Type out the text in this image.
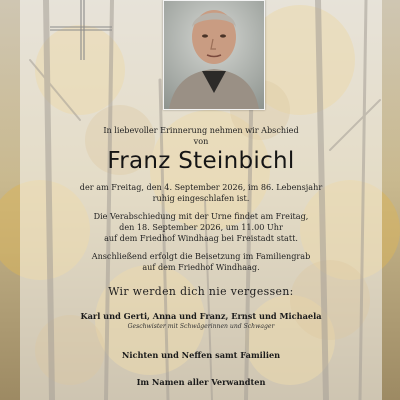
In liebevoller Erinnerung nehmen wir Abschied
von
Franz Steinbichl
der am Freitag, den 4. September 2026, im 86. Lebensjahr
ruhig eingeschlafen ist.
Die Verabschiedung mit der Urne findet am Freitag,
den 18. September 2026, um 11.00 Uhr
auf dem Friedhof Windhaag bei Freistadt statt.
Anschließend erfolgt die Beisetzung im Familiengrab
auf dem Friedhof Windhaag.
Wir werden dich nie vergessen:
Karl und Gerti, Anna und Franz, Ernst und Michaela
Geschwister mit Schwägerinnen und Schwager
Nichten und Neffen samt Familien
Im Namen aller Verwandten
